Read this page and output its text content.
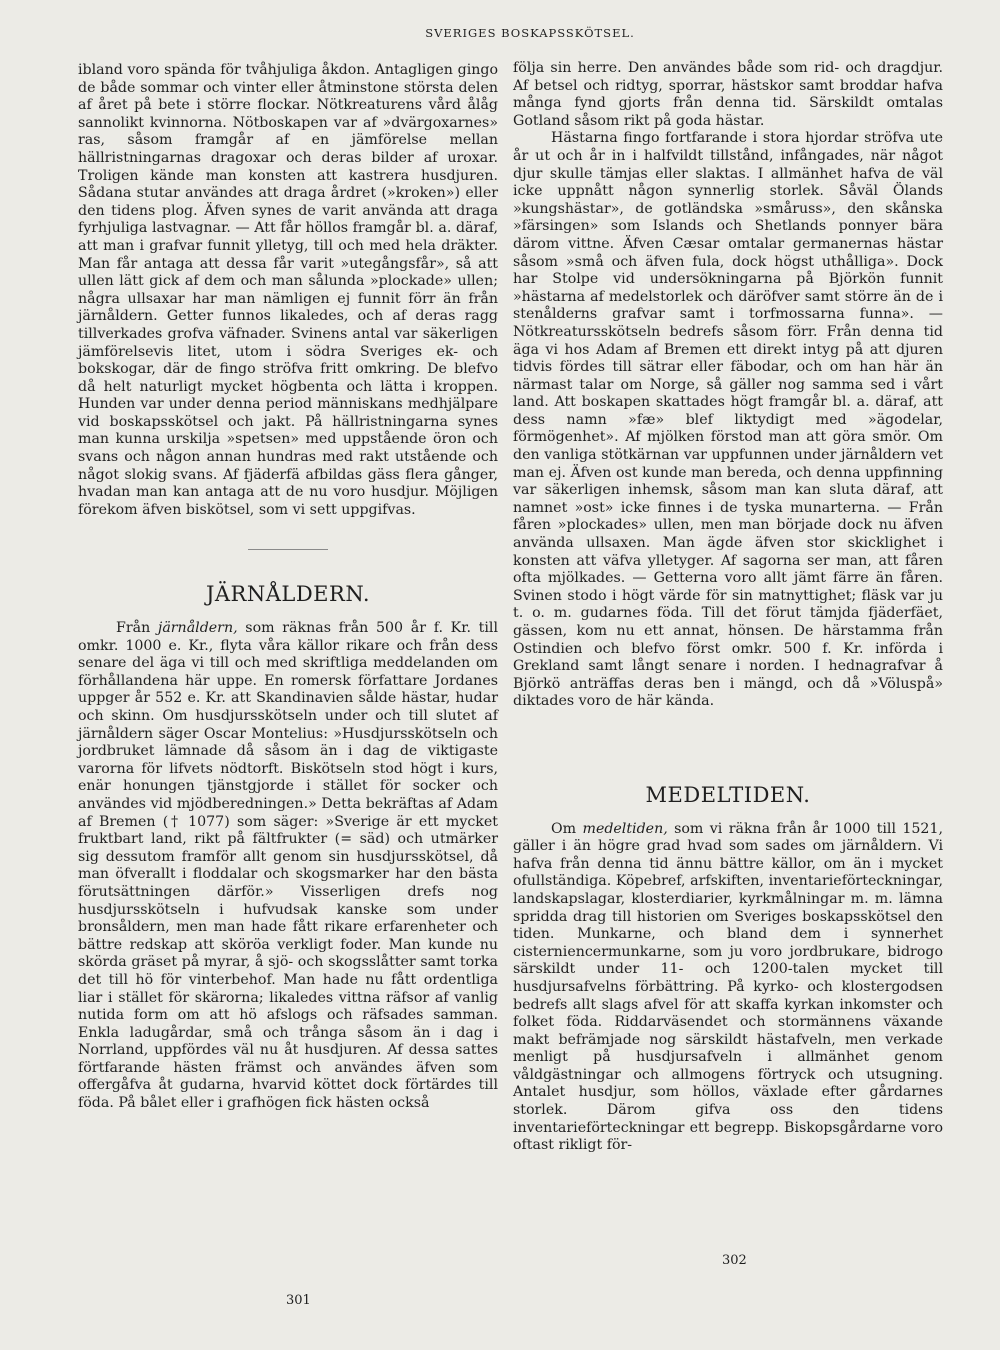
SVERIGES BOSKAPSSKÖTSEL.

ibland voro spända för tvåhjuliga åkdon. Antagligen gingo de både sommar och vinter eller åtminstone största delen af året på bete i större flockar. Nötkreaturens vård ålåg sannolikt kvinnorna. Nötboskapen var af »dvärgoxarnes» ras, såsom framgår af en jämförelse mellan hällristningarnas dragoxar och deras bilder af uroxar. Troligen kände man konsten att kastrera husdjuren. Sådana stutar användes att draga årdret (»kroken») eller den tidens plog. Äfven synes de varit använda att draga fyrhjuliga lastvagnar. — Att får höllos framgår bl. a. däraf, att man i grafvar funnit ylletyg, till och med hela dräkter. Man får antaga att dessa får varit »utegångsfår», så att ullen lätt gick af dem och man sålunda »plockade» ullen; några ullsaxar har man nämligen ej funnit förr än från järnåldern. Getter funnos likaledes, och af deras ragg tillverkades grofva väfnader. Svinens antal var säkerligen jämförelsevis litet, utom i södra Sveriges ek- och bokskogar, där de fingo ströfva fritt omkring. De blefvo då helt naturligt mycket högbenta och lätta i kroppen. Hunden var under denna period människans medhjälpare vid boskapsskötsel och jakt. På hällristningarna synes man kunna urskilja »spetsen» med uppstående öron och svans och någon annan hundras med rakt utstående och något slokig svans. Af fjäderfä afbildas gäss flera gånger, hvadan man kan antaga att de nu voro husdjur. Möjligen förekom äfven biskötsel, som vi sett uppgifvas.

JÄRNÅLDERN.

Från järnåldern, som räknas från 500 år f. Kr. till omkr. 1000 e. Kr., flyta våra källor rikare och från dess senare del äga vi till och med skriftliga meddelanden om förhållandena här uppe. En romersk författare Jordanes uppger år 552 e. Kr. att Skandinavien sålde hästar, hudar och skinn. Om husdjursskötseln under och till slutet af järnåldern säger Oscar Montelius: »Husdjursskötseln och jordbruket lämnade då såsom än i dag de viktigaste varorna för lifvets nödtorft. Biskötseln stod högt i kurs, enär honungen tjänstgjorde i stället för socker och användes vid mjödberedningen.» Detta bekräftas af Adam af Bremen († 1077) som säger: »Sverige är ett mycket fruktbart land, rikt på fältfrukter (= säd) och utmärker sig dessutom framför allt genom sin husdjursskötsel, då man öfverallt i floddalar och skogsmarker har den bästa förutsättningen därför.» Visserligen drefs nog husdjursskötseln i hufvudsak kanske som under bronsåldern, men man hade fått rikare erfarenheter och bättre redskap att sköröa verkligt foder. Man kunde nu skörda gräset på myrar, å sjö- och skogsslåtter samt torka det till hö för vinterbehof. Man hade nu fått ordentliga liar i stället för skärorna; likaledes vittna räfsor af vanlig nutida form om att hö afslogs och räfsades samman. Enkla ladugårdar, små och trånga såsom än i dag i Norrland, uppfördes väl nu åt husdjuren. Af dessa sattes förtfarande hästen främst och användes äfven som offergåfva åt gudarna, hvarvid köttet dock förtärdes till föda. På bålet eller i grafhögen fick hästen också

följa sin herre. Den användes både som rid- och dragdjur. Af betsel och ridtyg, sporrar, hästskor samt broddar hafva många fynd gjorts från denna tid. Särskildt omtalas Gotland såsom rikt på goda hästar.

Hästarna fingo fortfarande i stora hjordar ströfva ute år ut och år in i halfvildt tillstånd, infångades, när något djur skulle tämjas eller slaktas. I allmänhet hafva de väl icke uppnått någon synnerlig storlek. Såväl Ölands »kungshästar», de gotländska »småruss», den skånska »färsingen» som Islands och Shetlands ponnyer bära därom vittne. Äfven Cæsar omtalar germanernas hästar såsom »små och äfven fula, dock högst uthålliga». Dock har Stolpe vid undersökningarna på Björkön funnit »hästarna af medelstorlek och däröfver samt större än de i stenålderns grafvar samt i torfmossarna funna». — Nötkreatursskötseln bedrefs såsom förr. Från denna tid äga vi hos Adam af Bremen ett direkt intyg på att djuren tidvis fördes till sätrar eller fäbodar, och om han här än närmast talar om Norge, så gäller nog samma sed i vårt land. Att boskapen skattades högt framgår bl. a. däraf, att dess namn »fæ» blef liktydigt med »ägodelar, förmögenhet». Af mjölken förstod man att göra smör. Om den vanliga stötkärnan var uppfunnen under järnåldern vet man ej. Äfven ost kunde man bereda, och denna uppfinning var säkerligen inhemsk, såsom man kan sluta däraf, att namnet »ost» icke finnes i de tyska munarterna. — Från fåren »plockades» ullen, men man började dock nu äfven använda ullsaxen. Man ägde äfven stor skicklighet i konsten att väfva ylletyger. Af sagorna ser man, att fåren ofta mjölkades. — Getterna voro allt jämt färre än fåren. Svinen stodo i högt värde för sin matnyttighet; fläsk var ju t. o. m. gudarnes föda. Till det förut tämjda fjäderfäet, gässen, kom nu ett annat, hönsen. De härstamma från Ostindien och blefvo först omkr. 500 f. Kr. införda i Grekland samt långt senare i norden. I hednagrafvar å Björkö anträffas deras ben i mängd, och då »Völuspå» diktades voro de här kända.

MEDELTIDEN.

Om medeltiden, som vi räkna från år 1000 till 1521, gäller i än högre grad hvad som sades om järnåldern. Vi hafva från denna tid ännu bättre källor, om än i mycket ofullständiga. Köpebref, arfskiften, inventarieförteckningar, landskapslagar, klosterdiarier, kyrkmålningar m. m. lämna spridda drag till historien om Sveriges boskapsskötsel den tiden. Munkarne, och bland dem i synnerhet cisterniencermunkarne, som ju voro jordbrukare, bidrogo särskildt under 11- och 1200-talen mycket till husdjursafvelns förbättring. På kyrko- och klostergodsen bedrefs allt slags afvel för att skaffa kyrkan inkomster och folket föda. Riddarväsendet och stormännens växande makt befrämjade nog särskildt hästafveln, men verkade menligt på husdjursafveln i allmänhet genom våldgästningar och allmogens förtryck och utsugning. Antalet husdjur, som höllos, växlade efter gårdarnes storlek. Därom gifva oss den tidens inventarieförteckningar ett begrepp. Biskopsgårdarne voro oftast rikligt för-

301
302
